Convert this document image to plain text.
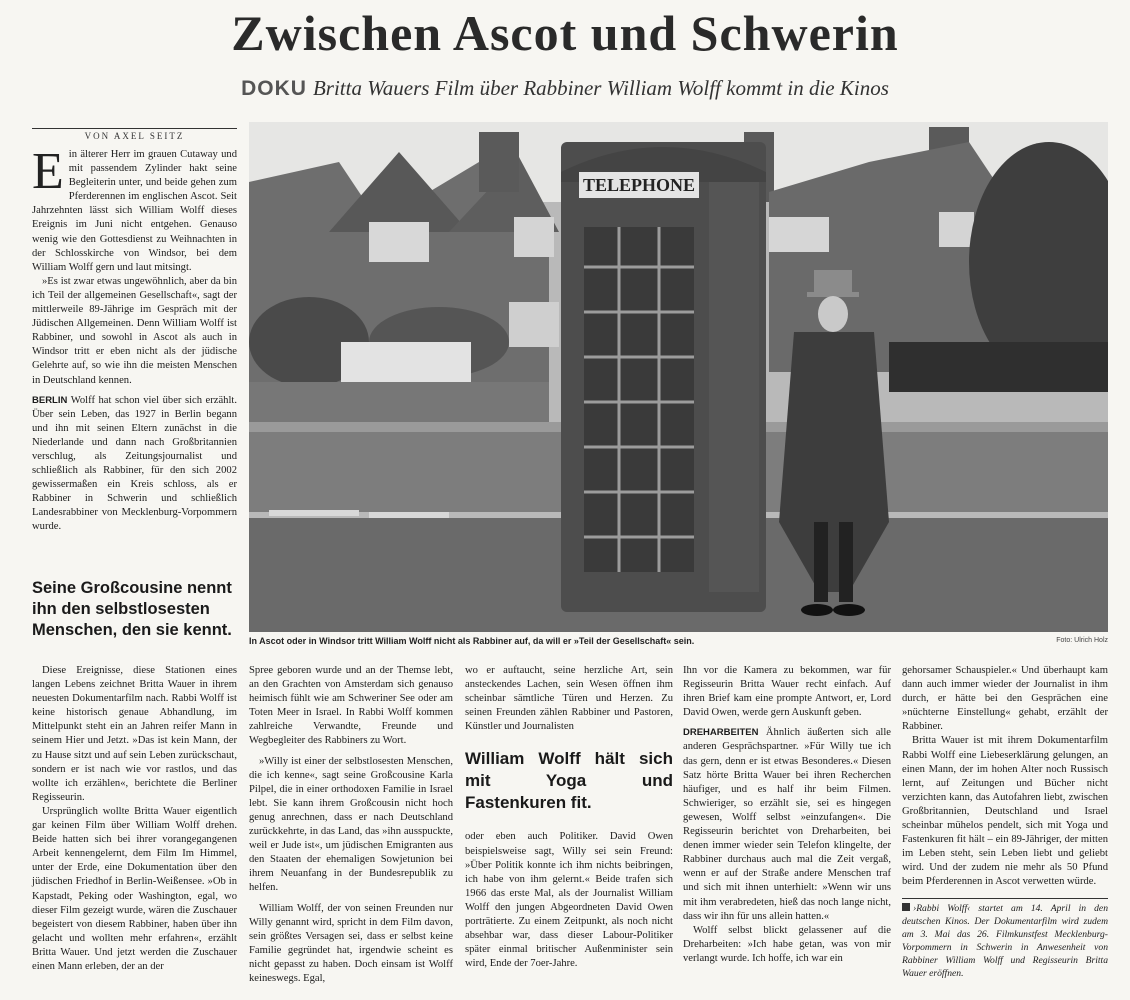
Zwischen Ascot und Schwerin
DOKU Britta Wauers Film über Rabbiner William Wolff kommt in die Kinos
VON AXEL SEITZ
E in älterer Herr im grauen Cutaway und mit passendem Zylinder hakt seine Begleiterin unter, und beide gehen zum Pferderennen im englischen Ascot. Seit Jahrzehnten lässt sich William Wolff dieses Ereignis im Juni nicht entgehen. Genauso wenig wie den Gottesdienst zu Weihnachten in der Schlosskirche von Windsor, bei dem William Wolff gern und laut mitsingt.

»Es ist zwar etwas ungewöhnlich, aber da bin ich Teil der allgemeinen Gesellschaft«, sagt der mittlerweile 89-Jährige im Gespräch mit der Jüdischen Allgemeinen. Denn William Wolff ist Rabbiner, und sowohl in Ascot als auch in Windsor tritt er eben nicht als der jüdische Gelehrte auf, so wie ihn die meisten Menschen in Deutschland kennen.

BERLIN Wolff hat schon viel über sich erzählt. Über sein Leben, das 1927 in Berlin begann und ihn mit seinen Eltern zunächst in die Niederlande und dann nach Großbritannien verschlug, als Zeitungsjournalist und schließlich als Rabbiner, für den sich 2002 gewissermaßen ein Kreis schloss, als er Rabbiner in Schwerin und schließlich Landesrabbiner von Mecklenburg-Vorpommern wurde.

Seine Großcousine nennt ihn den selbstlosesten Menschen, den sie kennt.
TELEPHONE
In Ascot oder in Windsor tritt William Wolff nicht als Rabbiner auf, da will er »Teil der Gesellschaft« sein.	Foto: Ulrich Holz

Diese Ereignisse, diese Stationen eines langen Lebens zeichnet Britta Wauer in ihrem neuesten Dokumentarfilm nach. Rabbi Wolff ist keine historisch genaue Abhandlung, im Mittelpunkt steht ein an Jahren reifer Mann in seinem Hier und Jetzt. »Das ist kein Mann, der zu Hause sitzt und auf sein Leben zurückschaut, sondern er ist nach wie vor rastlos, und das wollte ich erzählen«, berichtete die Berliner Regisseurin.

Ursprünglich wollte Britta Wauer eigentlich gar keinen Film über William Wolff drehen. Beide hatten sich bei ihrer vorangegangenen Arbeit kennengelernt, dem Film Im Himmel, unter der Erde, eine Dokumentation über den jüdischen Friedhof in Berlin-Weißensee. »Ob in Kapstadt, Peking oder Washington, egal, wo dieser Film gezeigt wurde, wären die Zuschauer begeistert von diesem Rabbiner, haben über ihn gelacht und wollten mehr erfahren«, erzählt Britta Wauer. Und jetzt werden die Zuschauer einen Mann erleben, der an der

Spree geboren wurde und an der Themse lebt, an den Grachten von Amsterdam sich genauso heimisch fühlt wie am Schweriner See oder am Toten Meer in Israel. In Rabbi Wolff kommen zahlreiche Verwandte, Freunde und Wegbegleiter des Rabbiners zu Wort.

»Willy ist einer der selbstlosesten Menschen, die ich kenne«, sagt seine Großcousine Karla Pilpel, die in einer orthodoxen Familie in Israel lebt. Sie kann ihrem Großcousin nicht hoch genug anrechnen, dass er nach Deutschland zurückkehrte, in das Land, das »ihn ausspuckte, weil er Jude ist«, um jüdischen Emigranten aus den Staaten der ehemaligen Sowjetunion bei ihrem Neuanfang in der Bundesrepublik zu helfen.

William Wolff, der von seinen Freunden nur Willy genannt wird, spricht in dem Film davon, sein größtes Versagen sei, dass er selbst keine Familie gegründet hat, irgendwie scheint es nicht gepasst zu haben. Doch einsam ist Wolff keineswegs. Egal,

wo er auftaucht, seine herzliche Art, sein ansteckendes Lachen, sein Wesen öffnen ihm scheinbar sämtliche Türen und Herzen. Zu seinen Freunden zählen Rabbiner und Pastoren, Künstler und Journalisten

William Wolff hält sich mit Yoga und Fastenkuren fit.

oder eben auch Politiker. David Owen beispielsweise sagt, Willy sei sein Freund: »Über Politik konnte ich ihm nichts beibringen, ich habe von ihm gelernt.« Beide trafen sich 1966 das erste Mal, als der Journalist William Wolff den jungen Abgeordneten David Owen porträtierte. Zu einem Zeitpunkt, als noch nicht absehbar war, dass dieser Labour-Politiker später einmal britischer Außenminister sein wird, Ende der 7oer-Jahre.

Ihn vor die Kamera zu bekommen, war für Regisseurin Britta Wauer recht einfach. Auf ihren Brief kam eine prompte Antwort, er, Lord David Owen, werde gern Auskunft geben.

DREHARBEITEN Ähnlich äußerten sich alle anderen Gesprächspartner. »Für Willy tue ich das gern, denn er ist etwas Besonderes.« Diesen Satz hörte Britta Wauer bei ihren Recherchen häufiger, und es half ihr beim Filmen. Schwieriger, so erzählt sie, sei es hingegen gewesen, Wolff selbst »einzufangen«. Die Regisseurin berichtet von Dreharbeiten, bei denen immer wieder sein Telefon klingelte, der Rabbiner durchaus auch mal die Zeit vergaß, wenn er auf der Straße andere Menschen traf und sich mit ihnen unterhielt: »Wenn wir uns mit ihm verabredeten, hieß das noch lange nicht, dass wir ihn für uns allein hatten.«

Wolff selbst blickt gelassener auf die Dreharbeiten: »Ich habe getan, was von mir verlangt wurde. Ich hoffe, ich war ein

gehorsamer Schauspieler.« Und überhaupt kam dann auch immer wieder der Journalist in ihm durch, er hätte bei den Gesprächen eine »nüchterne Einstellung« gehabt, erzählt der Rabbiner.

Britta Wauer ist mit ihrem Dokumentarfilm Rabbi Wolff eine Liebeserklärung gelungen, an einen Mann, der im hohen Alter noch Russisch lernt, auf Zeitungen und Bücher nicht verzichten kann, das Autofahren liebt, zwischen Großbritannien, Deutschland und Israel scheinbar mühelos pendelt, sich mit Yoga und Fastenkuren fit hält – ein 89-Jähriger, der mitten im Leben steht, sein Leben liebt und geliebt wird. Und der zudem nie mehr als 50 Pfund beim Pferderennen in Ascot verwetten würde.

›Rabbi Wolff‹ startet am 14. April in den deutschen Kinos. Der Dokumentarfilm wird zudem am 3. Mai das 26. Filmkunstfest Mecklenburg-Vorpommern in Schwerin in Anwesenheit von Rabbiner William Wolff und Regisseurin Britta Wauer eröffnen.
